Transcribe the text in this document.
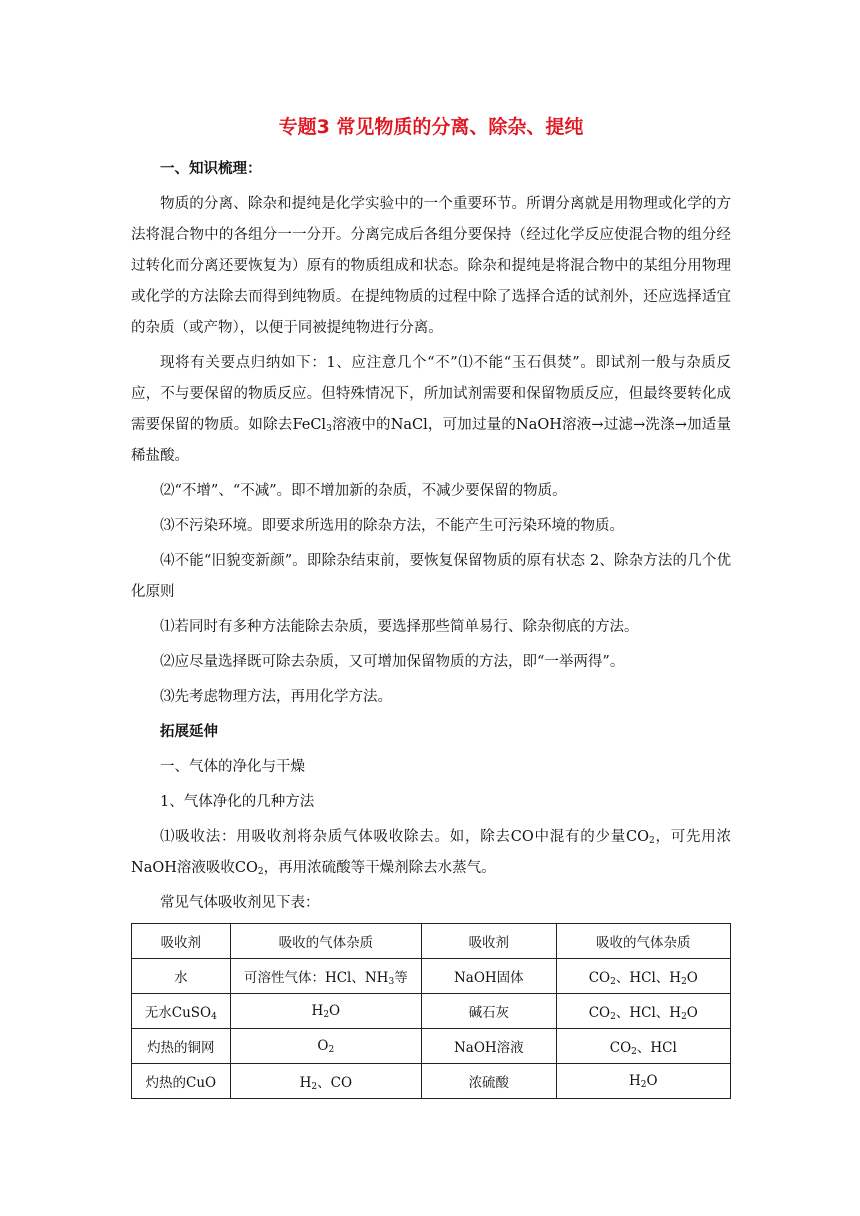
专题3 常见物质的分离、除杂、提纯

一、知识梳理：

物质的分离、除杂和提纯是化学实验中的一个重要环节。所谓分离就是用物理或化学的方法将混合物中的各组分一一分开。分离完成后各组分要保持（经过化学反应使混合物的组分经过转化而分离还要恢复为）原有的物质组成和状态。除杂和提纯是将混合物中的某组分用物理或化学的方法除去而得到纯物质。在提纯物质的过程中除了选择合适的试剂外，还应选择适宜的杂质（或产物），以便于同被提纯物进行分离。

现将有关要点归纳如下：1、应注意几个“不”⑴不能“玉石俱焚”。即试剂一般与杂质反应，不与要保留的物质反应。但特殊情况下，所加试剂需要和保留物质反应，但最终要转化成需要保留的物质。如除去FeCl$_3$溶液中的NaCl，可加过量的NaOH溶液→过滤→洗涤→加适量稀盐酸。

⑵“不增”、“不减”。即不增加新的杂质，不减少要保留的物质。

⑶不污染环境。即要求所选用的除杂方法，不能产生可污染环境的物质。

⑷不能“旧貌变新颜”。即除杂结束前，要恢复保留物质的原有状态 2、除杂方法的几个优化原则

⑴若同时有多种方法能除去杂质，要选择那些简单易行、除杂彻底的方法。

⑵应尽量选择既可除去杂质，又可增加保留物质的方法，即“一举两得”。

⑶先考虑物理方法，再用化学方法。

拓展延伸

一、气体的净化与干燥

1、气体净化的几种方法

⑴吸收法：用吸收剂将杂质气体吸收除去。如，除去CO中混有的少量$CO_2$，可先用浓NaOH溶液吸收$CO_2$，再用浓硫酸等干燥剂除去水蒸气。

常见气体吸收剂见下表：

吸收剂	吸收的气体杂质	吸收剂	吸收的气体杂质
水	可溶性气体：HCl、$NH_3$等	NaOH固体	$CO_2$、HCl、$H_2O$
无水CuSO$_4$	$H_2O$	碱石灰	$CO_2$、HCl、$H_2O$
灼热的铜网	$O_2$	NaOH溶液	$CO_2$、HCl
灼热的CuO	$H_2$、CO	浓硫酸	$H_2O$
